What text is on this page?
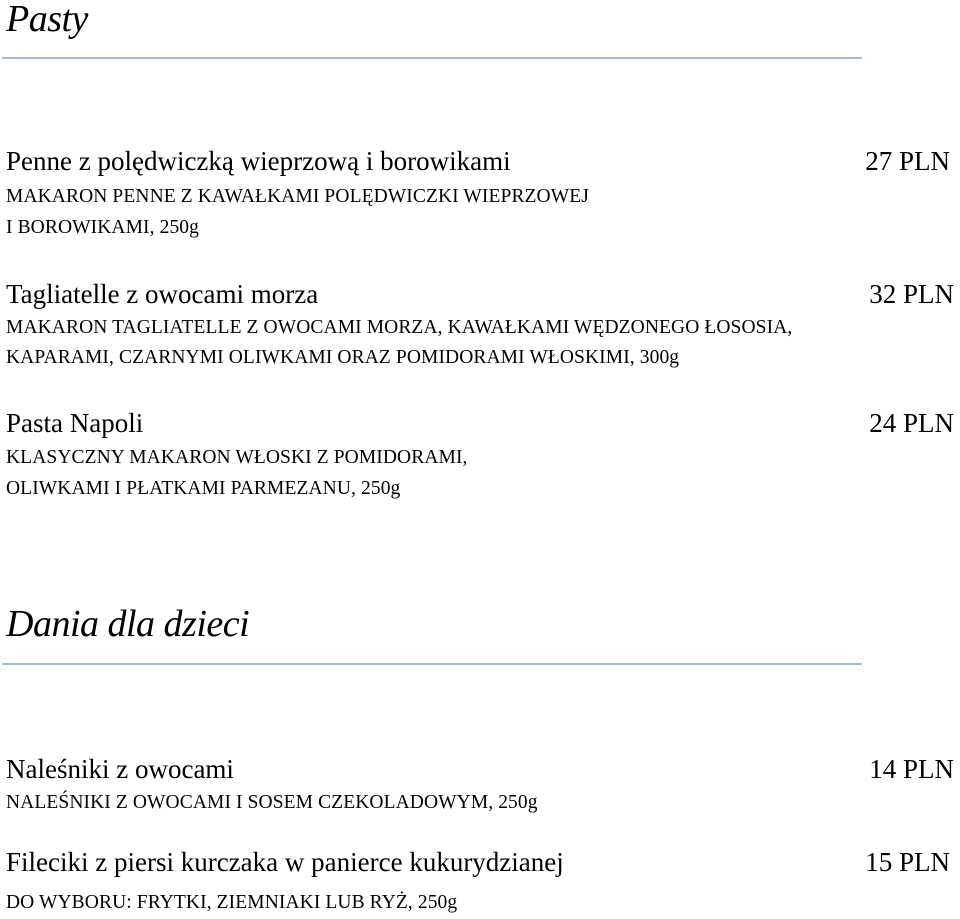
Pasty
Penne z polędwiczką wieprzową i borowikami	27 PLN
MAKARON PENNE Z KAWAŁKAMI POLĘDWICZKI WIEPRZOWEJ
I BOROWIKAMI, 250g
Tagliatelle z owocami morza	32 PLN
MAKARON TAGLIATELLE Z OWOCAMI MORZA, KAWAŁKAMI WĘDZONEGO ŁOSOSIA,
KAPARAMI, CZARNYMI OLIWKAMI ORAZ POMIDORAMI WŁOSKIMI, 300g
Pasta Napoli	24 PLN
KLASYCZNY MAKARON WŁOSKI Z POMIDORAMI,
OLIWKAMI I PŁATKAMI PARMEZANU, 250g
Dania dla dzieci
Naleśniki z owocami	14 PLN
NALEŚNIKI Z OWOCAMI I SOSEM CZEKOLADOWYM, 250g
Fileciki z piersi kurczaka w panierce kukurydzianej	15 PLN
DO WYBORU: FRYTKI, ZIEMNIAKI LUB RYŻ, 250g
